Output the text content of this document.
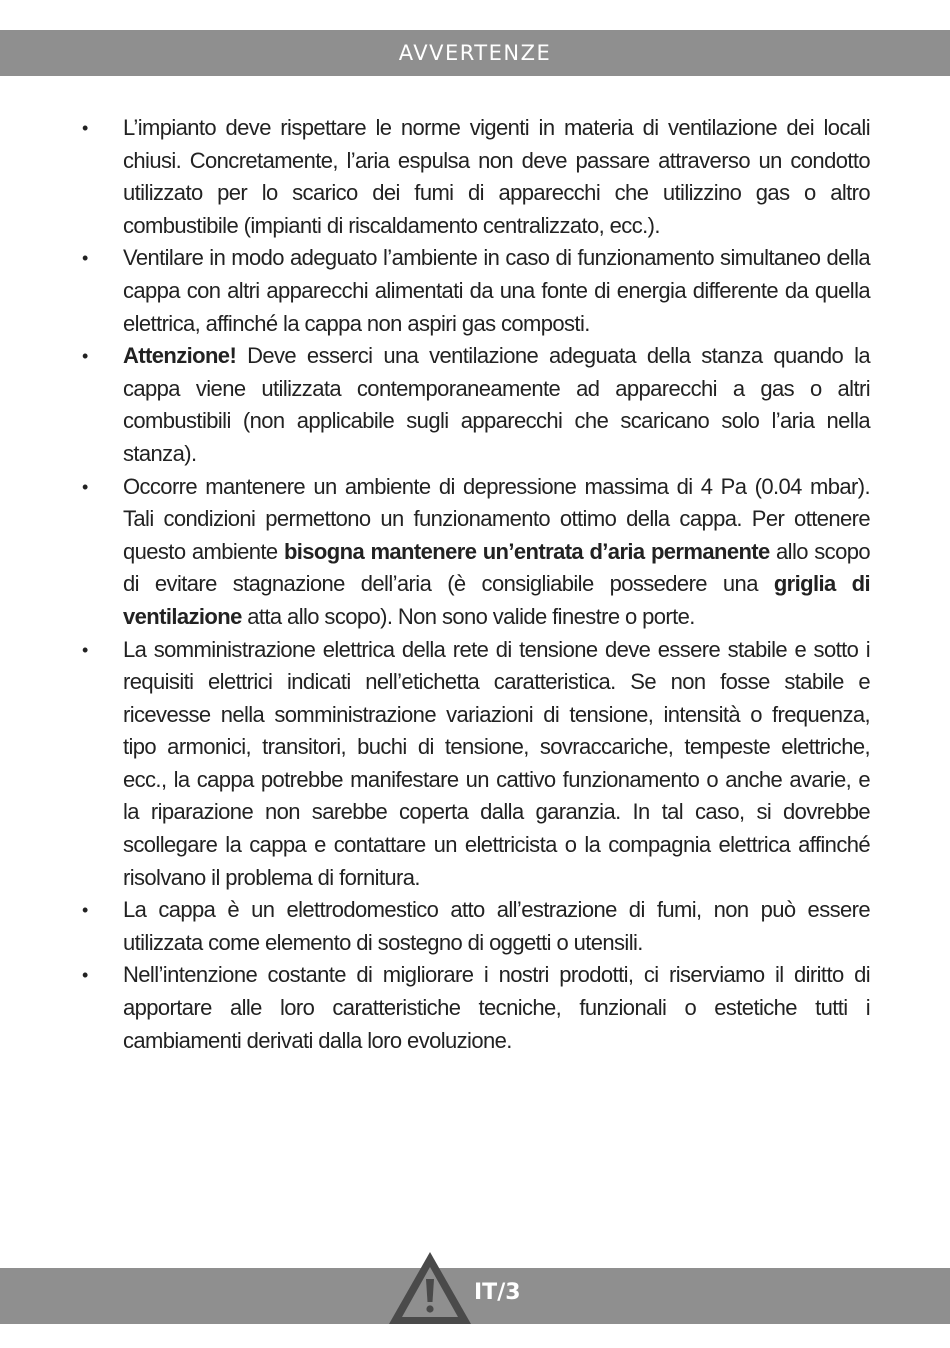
AVVERTENZE
• L’impianto deve rispettare le norme vigenti in materia di ventilazione dei locali chiusi. Concretamente, l’aria espulsa non deve passare attraverso un condotto utilizzato per lo scarico dei fumi di apparecchi che utilizzino gas o altro combustibile (impianti di riscaldamento centralizzato, ecc.).
• Ventilare in modo adeguato l’ambiente in caso di funzionamento simultaneo della cappa con altri apparecchi alimentati da una fonte di energia differente da quella elettrica, affinché la cappa non aspiri gas composti.
• Attenzione! Deve esserci una ventilazione adeguata della stanza quando la cappa viene utilizzata contemporaneamente ad apparecchi a gas o altri combustibili (non applicabile sugli apparecchi che scaricano solo l’aria nella stanza).
• Occorre mantenere un ambiente di depressione massima di 4 Pa (0.04 mbar). Tali condizioni permettono un funzionamento ottimo della cappa. Per ottenere questo ambiente bisogna mantenere un’entrata d’aria permanente allo scopo di evitare stagnazione dell’aria (è consigliabile possedere una griglia di ventilazione atta allo scopo). Non sono valide finestre o porte.
• La somministrazione elettrica della rete di tensione deve essere stabile e sotto i requisiti elettrici indicati nell’etichetta caratteristica. Se non fosse stabile e ricevesse nella somministrazione variazioni di tensione, intensità o frequenza, tipo armonici, transitori, buchi di tensione, sovraccariche, tempeste elettriche, ecc., la cappa potrebbe manifestare un cattivo funzionamento o anche avarie, e la riparazione non sarebbe coperta dalla garanzia. In tal caso, si dovrebbe scollegare la cappa e contattare un elettricista o la compagnia elettrica affinché risolvano il problema di fornitura.
• La cappa è un elettrodomestico atto all’estrazione di fumi, non può essere utilizzata come elemento di sostegno di oggetti o utensili.
• Nell’intenzione costante di migliorare i nostri prodotti, ci riserviamo il diritto di apportare alle loro caratteristiche tecniche, funzionali o estetiche tutti i cambiamenti derivati dalla loro evoluzione.
IT/3
